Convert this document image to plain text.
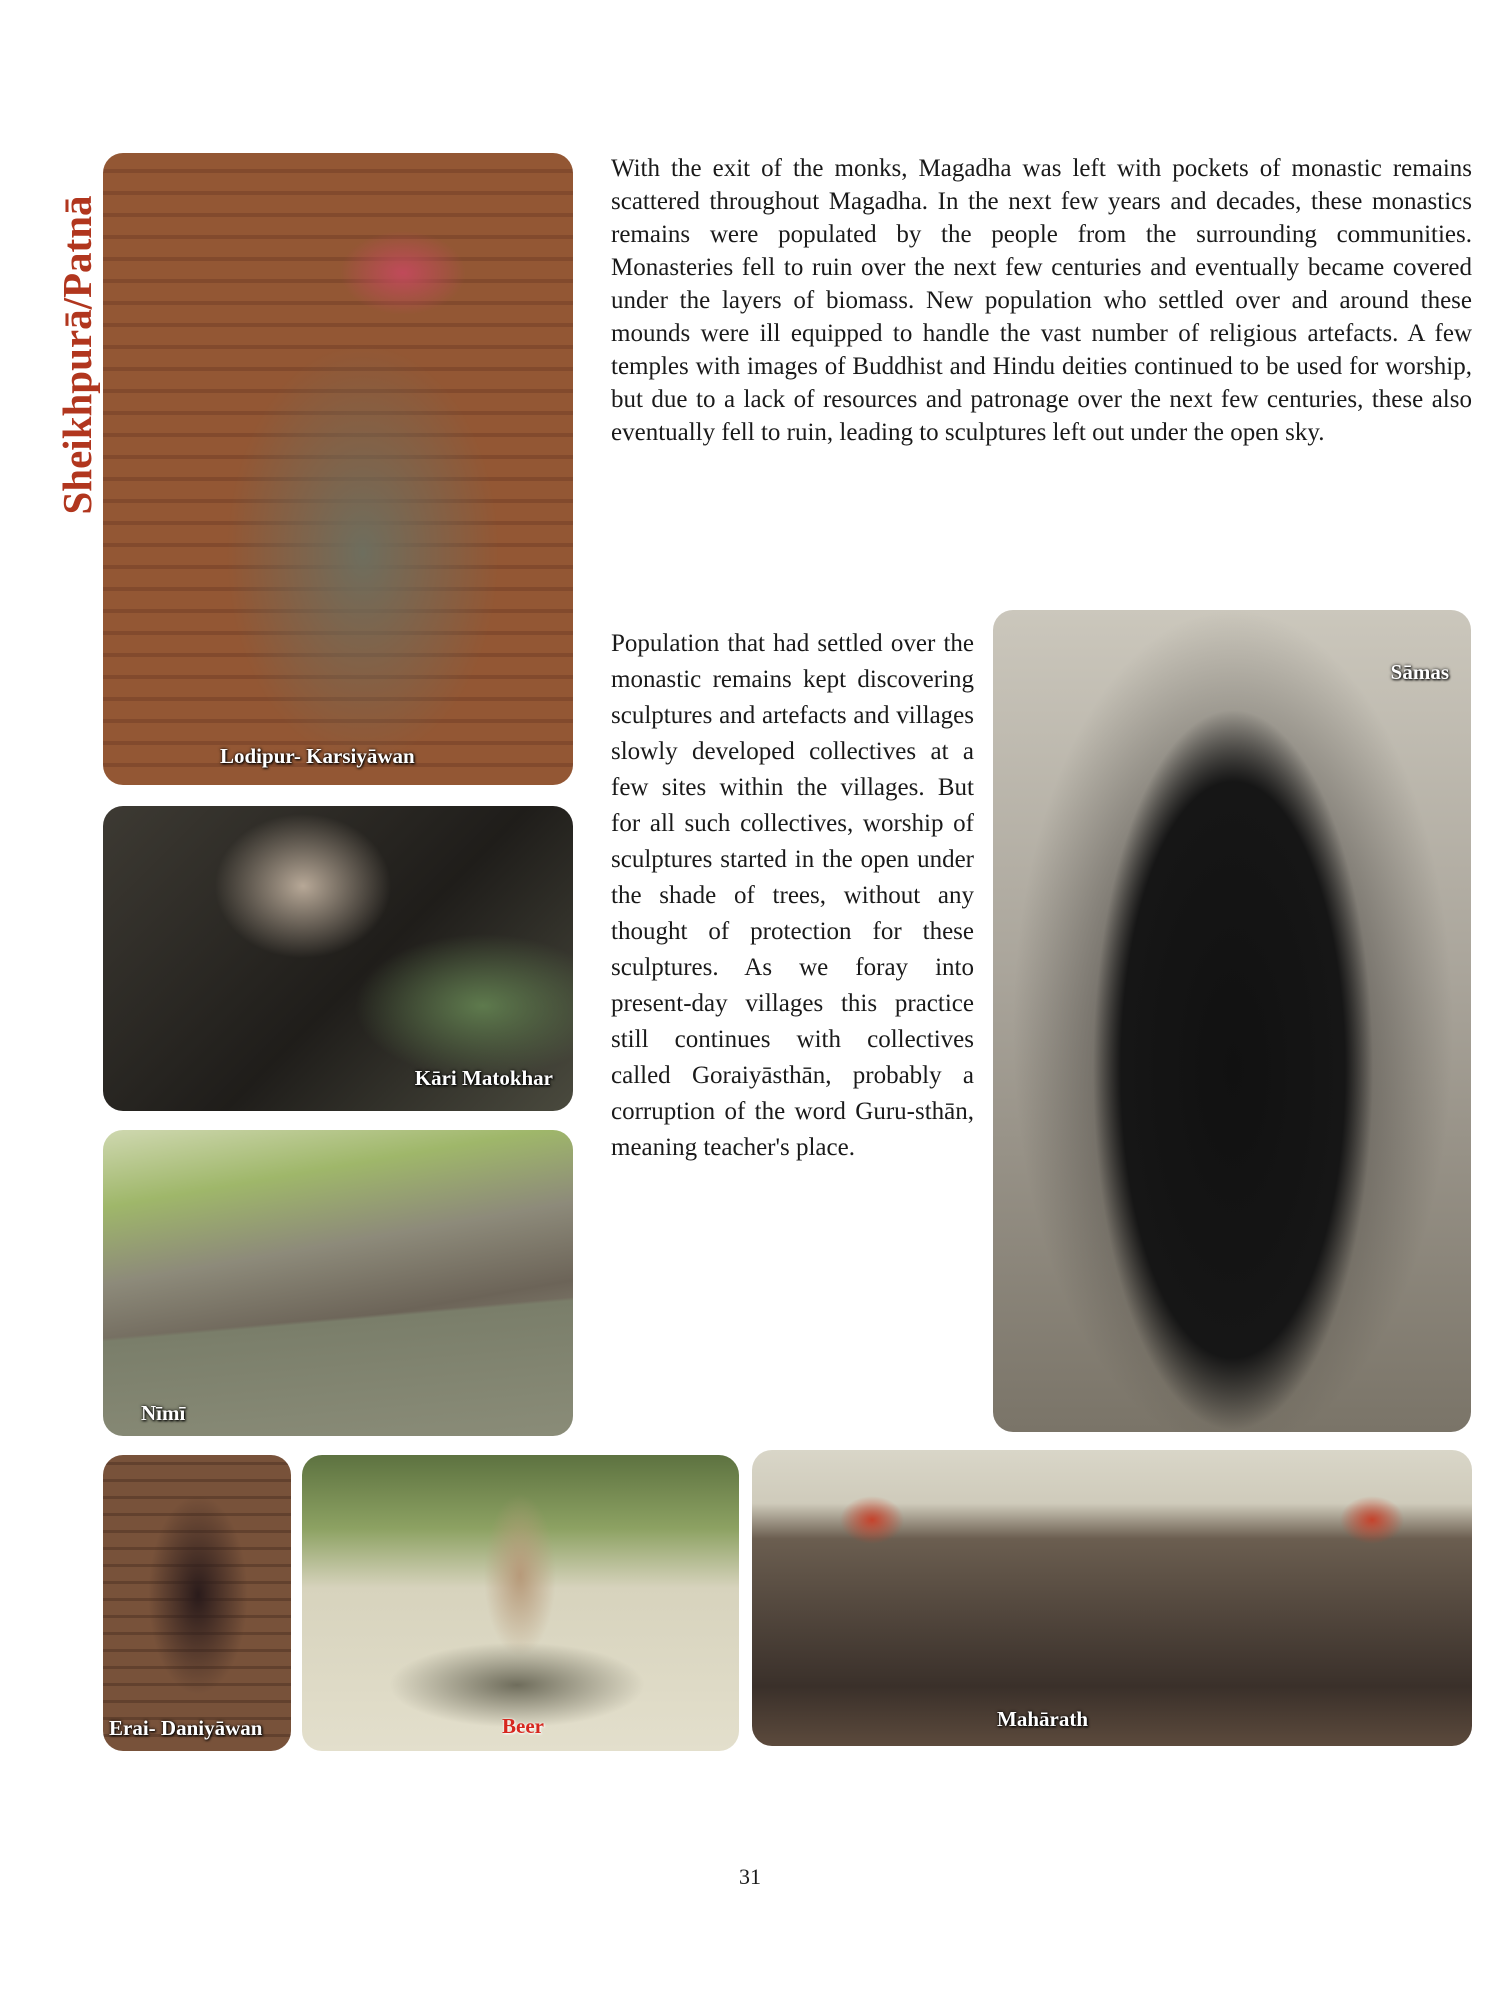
Sheikhpurā/Patnā
Lodipur- Karsiyāwan
Kāri Matokhar
Nīmī
Erai- Daniyāwan	Beer	Mahārath
Sāmas

With the exit of the monks, Magadha was left with pockets of monastic remains scattered throughout Magadha. In the next few years and decades, these monastics remains were populated by the people from the surrounding communities. Monasteries fell to ruin over the next few centuries and eventually became covered under the layers of biomass. New population who settled over and around these mounds were ill equipped to handle the vast number of religious artefacts. A few temples with images of Buddhist and Hindu deities continued to be used for worship, but due to a lack of resources and patronage over the next few centuries, these also eventually fell to ruin, leading to sculptures left out under the open sky.

Population that had settled over the monastic remains kept discovering sculptures and artefacts and villages slowly developed collectives at a few sites within the villages. But for all such collectives, worship of sculptures started in the open under the shade of trees, without any thought of protection for these sculptures. As we foray into present-day villages this practice still continues with collectives called Goraiyāsthān, probably a corruption of the word Guru-sthān, meaning teacher's place.

31
